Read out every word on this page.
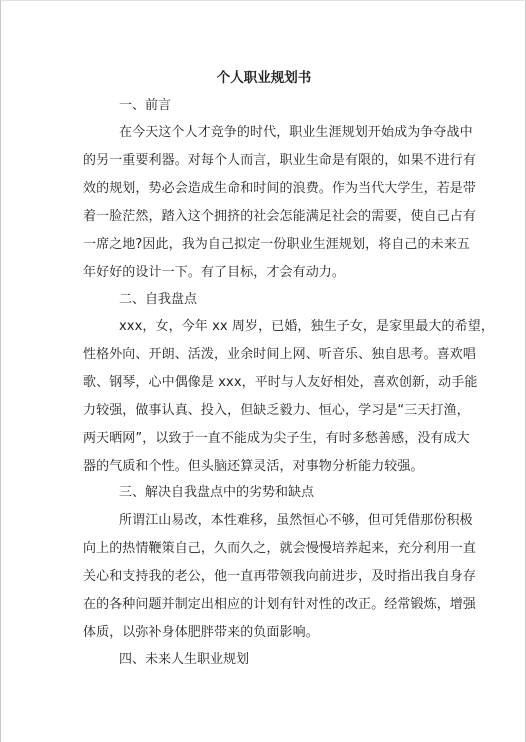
个人职业规划书

一、前言

在今天这个人才竞争的时代，职业生涯规划开始成为争夺战中

的另一重要利器。对每个人而言，职业生命是有限的，如果不进行有

效的规划，势必会造成生命和时间的浪费。作为当代大学生，若是带

着一脸茫然，踏入这个拥挤的社会怎能满足社会的需要，使自己占有

一席之地?因此，我为自己拟定一份职业生涯规划，将自己的未来五

年好好的设计一下。有了目标，才会有动力。

二、自我盘点

xxx，女，今年 xx 周岁，已婚，独生子女，是家里最大的希望，

性格外向、开朗、活泼，业余时间上网、听音乐、独自思考。喜欢唱

歌、钢琴，心中偶像是 xxx，平时与人友好相处，喜欢创新，动手能

力较强，做事认真、投入，但缺乏毅力、恒心，学习是“三天打渔，

两天晒网”，以致于一直不能成为尖子生，有时多愁善感，没有成大

器的气质和个性。但头脑还算灵活，对事物分析能力较强。

三、解决自我盘点中的劣势和缺点

所谓江山易改，本性难移，虽然恒心不够，但可凭借那份积极

向上的热情鞭策自己，久而久之，就会慢慢培养起来，充分利用一直

关心和支持我的老公，他一直再带领我向前进步，及时指出我自身存

在的各种问题并制定出相应的计划有针对性的改正。经常锻炼，增强

体质，以弥补身体肥胖带来的负面影响。

四、未来人生职业规划
